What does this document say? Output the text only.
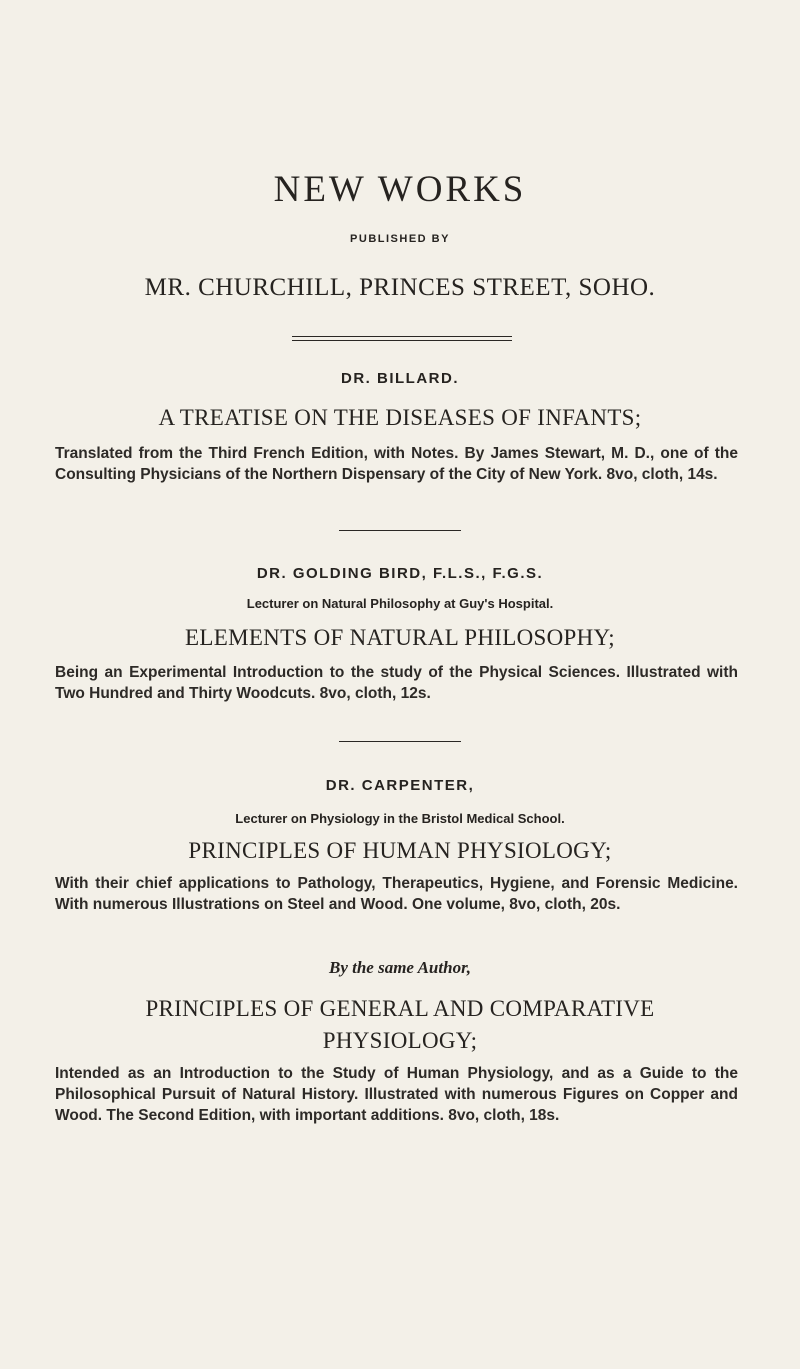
NEW WORKS
PUBLISHED BY
MR. CHURCHILL, PRINCES STREET, SOHO.
DR. BILLARD.
A TREATISE ON THE DISEASES OF INFANTS;
Translated from the Third French Edition, with Notes. By James Stewart, M. D., one of the Consulting Physicians of the Northern Dispensary of the City of New York. 8vo, cloth, 14s.
DR. GOLDING BIRD, F.L.S., F.G.S.
Lecturer on Natural Philosophy at Guy's Hospital.
ELEMENTS OF NATURAL PHILOSOPHY;
Being an Experimental Introduction to the study of the Physical Sciences. Illustrated with Two Hundred and Thirty Woodcuts. 8vo, cloth, 12s.
DR. CARPENTER,
Lecturer on Physiology in the Bristol Medical School.
PRINCIPLES OF HUMAN PHYSIOLOGY;
With their chief applications to Pathology, Therapeutics, Hygiene, and Forensic Medicine. With numerous Illustrations on Steel and Wood. One volume, 8vo, cloth, 20s.
By the same Author,
PRINCIPLES OF GENERAL AND COMPARATIVE
PHYSIOLOGY;
Intended as an Introduction to the Study of Human Physiology, and as a Guide to the Philosophical Pursuit of Natural History. Illustrated with numerous Figures on Copper and Wood. The Second Edition, with important additions. 8vo, cloth, 18s.
